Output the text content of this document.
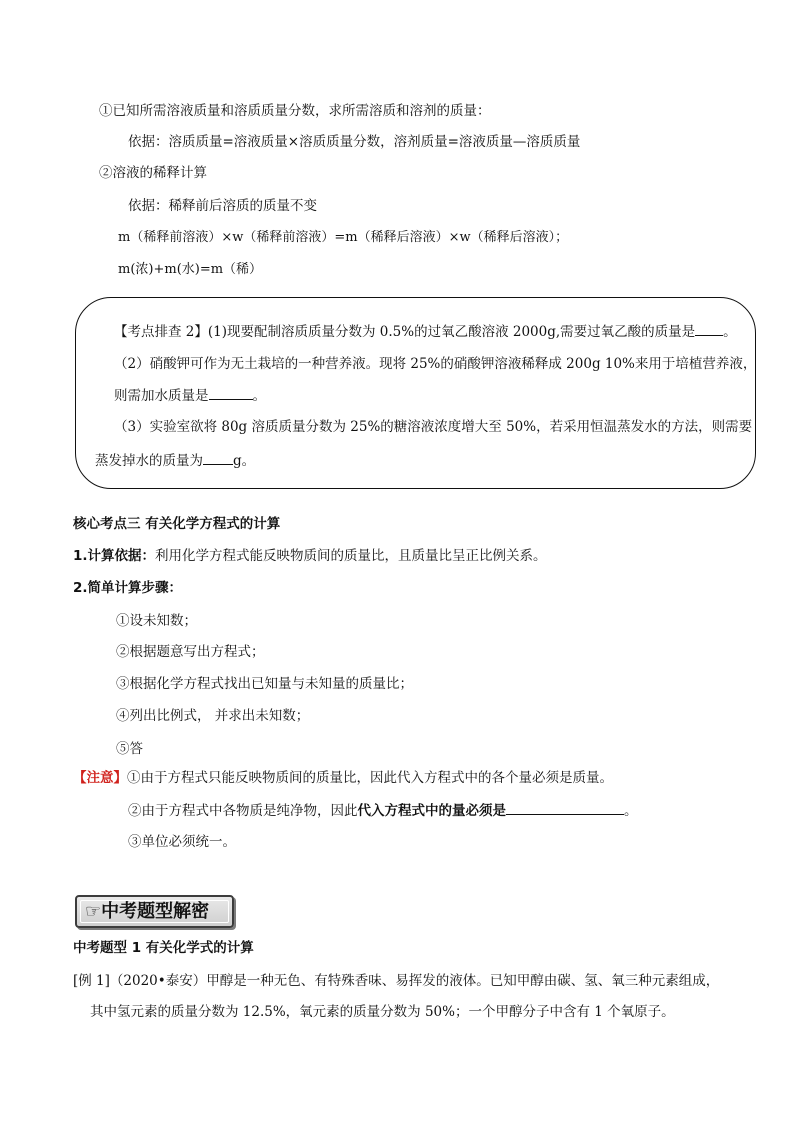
①已知所需溶液质量和溶质质量分数，求所需溶质和溶剂的质量：
依据：溶质质量=溶液质量×溶质质量分数，溶剂质量=溶液质量—溶质质量
②溶液的稀释计算
依据：稀释前后溶质的质量不变
m（稀释前溶液）×w（稀释前溶液）=m（稀释后溶液）×w（稀释后溶液）；
m(浓)+m(水)=m（稀）
【考点排查 2】(1)现要配制溶质质量分数为 0.5%的过氧乙酸溶液 2000g,需要过氧乙酸的质量是 。
（2）硝酸钾可作为无土栽培的一种营养液。现将 25%的硝酸钾溶液稀释成 200g 10%来用于培植营养液，
则需加水质量是	。
（3）实验室欲将 80g 溶质质量分数为 25%的糖溶液浓度增大至 50%，若采用恒温蒸发水的方法，则需要
蒸发掉水的质量为 g。
核心考点三 有关化学方程式的计算
1.计算依据：利用化学方程式能反映物质间的质量比，且质量比呈正比例关系。
2.简单计算步骤：
①设未知数；
②根据题意写出方程式；
③根据化学方程式找出已知量与未知量的质量比；
④列出比例式， 并求出未知数；
⑤答
【注意】①由于方程式只能反映物质间的质量比，因此代入方程式中的各个量必须是质量。
②由于方程式中各物质是纯净物，因此代入方程式中的量必须是	。
③单位必须统一。
☞中考题型解密
中考题型 1 有关化学式的计算
[例 1]（2020•泰安）甲醇是一种无色、有特殊香味、易挥发的液体。已知甲醇由碳、氢、氧三种元素组成，
其中氢元素的质量分数为 12.5%，氧元素的质量分数为 50%；一个甲醇分子中含有 1 个氧原子。
